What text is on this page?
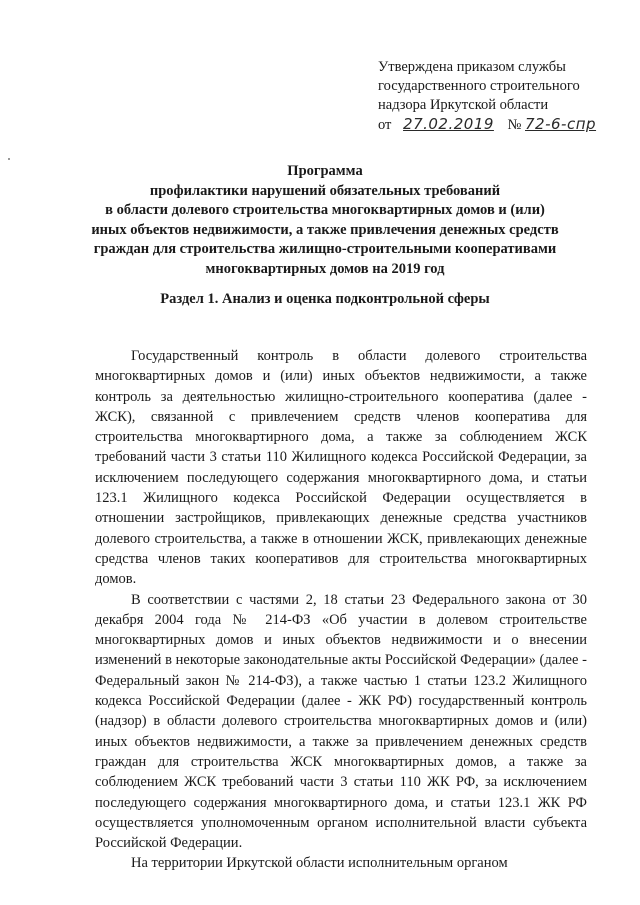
Утверждена приказом службы
государственного строительного
надзора Иркутской области
от 27.02.2019 № 72-6-спр
Программа
профилактики нарушений обязательных требований
в области долевого строительства многоквартирных домов и (или)
иных объектов недвижимости, а также привлечения денежных средств
граждан для строительства жилищно-строительными кооперативами
многоквартирных домов на 2019 год
Раздел 1. Анализ и оценка подконтрольной сферы

Государственный контроль в области долевого строительства многоквартирных домов и (или) иных объектов недвижимости, а также контроль за деятельностью жилищно-строительного кооператива (далее - ЖСК), связанной с привлечением средств членов кооператива для строительства многоквартирного дома, а также за соблюдением ЖСК требований части 3 статьи 110 Жилищного кодекса Российской Федерации, за исключением последующего содержания многоквартирного дома, и статьи 123.1 Жилищного кодекса Российской Федерации осуществляется в отношении застройщиков, привлекающих денежные средства участников долевого строительства, а также в отношении ЖСК, привлекающих денежные средства членов таких кооперативов для строительства многоквартирных домов.

В соответствии с частями 2, 18 статьи 23 Федерального закона от 30 декабря 2004 года № 214-ФЗ «Об участии в долевом строительстве многоквартирных домов и иных объектов недвижимости и о внесении изменений в некоторые законодательные акты Российской Федерации» (далее - Федеральный закон № 214-ФЗ), а также частью 1 статьи 123.2 Жилищного кодекса Российской Федерации (далее - ЖК РФ) государственный контроль (надзор) в области долевого строительства многоквартирных домов и (или) иных объектов недвижимости, а также за привлечением денежных средств граждан для строительства ЖСК многоквартирных домов, а также за соблюдением ЖСК требований части 3 статьи 110 ЖК РФ, за исключением последующего содержания многоквартирного дома, и статьи 123.1 ЖК РФ осуществляется уполномоченным органом исполнительной власти субъекта Российской Федерации.

На территории Иркутской области исполнительным органом
